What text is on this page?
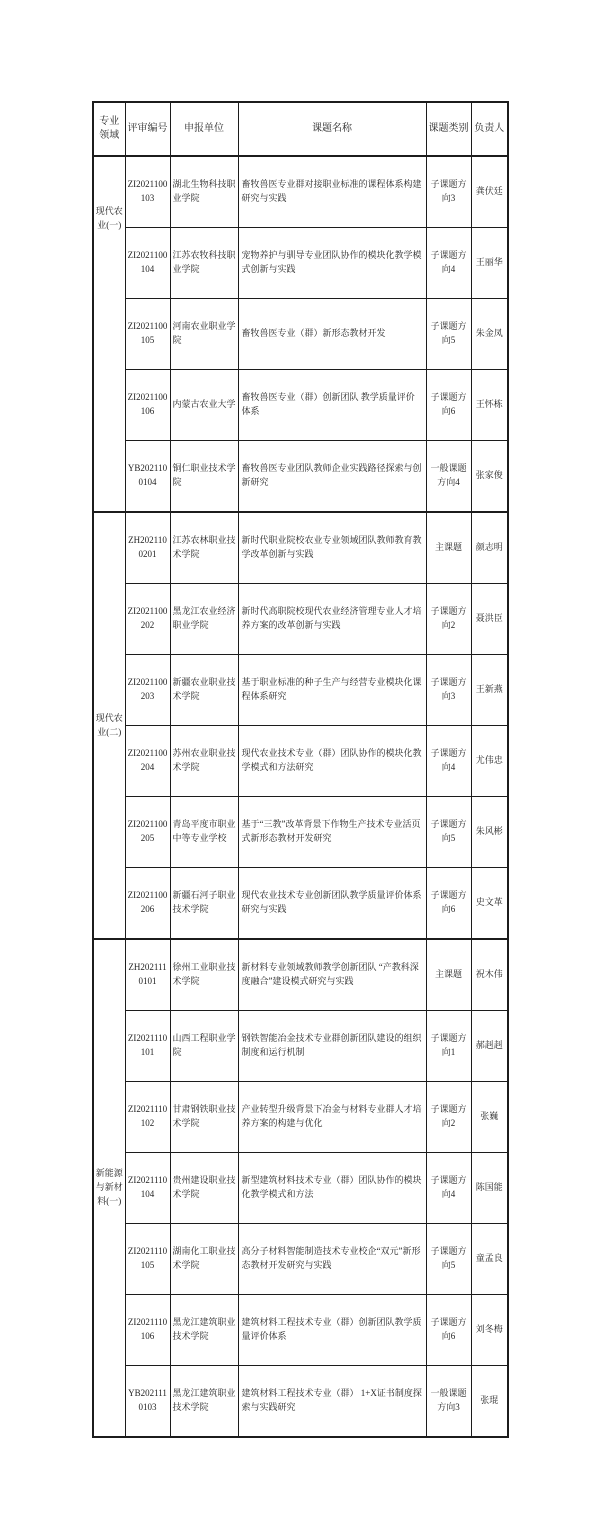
专业领域	评审编号	申报单位	课题名称	课题类别	负责人
现代农业(一)	ZI2021100103	湖北生物科技职业学院	畜牧兽医专业群对接职业标准的课程体系构建研究与实践	子课题方向3	龚伏廷
	ZI2021100104	江苏农牧科技职业学院	宠物养护与驯导专业团队协作的模块化教学模式创新与实践	子课题方向4	王丽华
	ZI2021100105	河南农业职业学院	畜牧兽医专业（群）新形态教材开发	子课题方向5	朱金凤
	ZI2021100106	内蒙古农业大学	畜牧兽医专业（群）创新团队 教学质量评价体系	子课题方向6	王怀栋
	YB2021100104	铜仁职业技术学院	畜牧兽医专业团队教师企业实践路径探索与创新研究	一般课题方向4	张家俊
现代农业(二)	ZH2021100201	江苏农林职业技术学院	新时代职业院校农业专业领域团队教师教育教学改革创新与实践	主课题	颜志明
	ZI2021100202	黑龙江农业经济职业学院	新时代高职院校现代农业经济管理专业人才培养方案的改革创新与实践	子课题方向2	聂洪臣
	ZI2021100203	新疆农业职业技术学院	基于职业标准的种子生产与经营专业模块化课程体系研究	子课题方向3	王新燕
	ZI2021100204	苏州农业职业技术学院	现代农业技术专业（群）团队协作的模块化教学模式和方法研究	子课题方向4	尤伟忠
	ZI2021100205	青岛平度市职业中等专业学校	基于“三教”改革背景下作物生产技术专业活页式新形态教材开发研究	子课题方向5	朱风彬
	ZI2021100206	新疆石河子职业技术学院	现代农业技术专业创新团队教学质量评价体系研究与实践	子课题方向6	史文革
新能源与新材料(一)	ZH2021110101	徐州工业职业技术学院	新材料专业领域教师教学创新团队 “产教科深度融合”建设模式研究与实践	主课题	祝木伟
	ZI2021110101	山西工程职业学院	钢铁智能冶金技术专业群创新团队建设的组织制度和运行机制	子课题方向1	郝赳赳
	ZI2021110102	甘肃钢铁职业技术学院	产业转型升级背景下冶金与材料专业群人才培养方案的构建与优化	子课题方向2	张巍
	ZI2021110104	贵州建设职业技术学院	新型建筑材料技术专业（群）团队协作的模块化教学模式和方法	子课题方向4	陈国能
	ZI2021110105	湖南化工职业技术学院	高分子材料智能制造技术专业校企“双元”新形态教材开发研究与实践	子课题方向5	童孟良
	ZI2021110106	黑龙江建筑职业技术学院	建筑材料工程技术专业（群）创新团队教学质量评价体系	子课题方向6	刘冬梅
	YB2021110103	黑龙江建筑职业技术学院	建筑材料工程技术专业（群） 1+X证书制度探索与实践研究	一般课题方向3	张琨
